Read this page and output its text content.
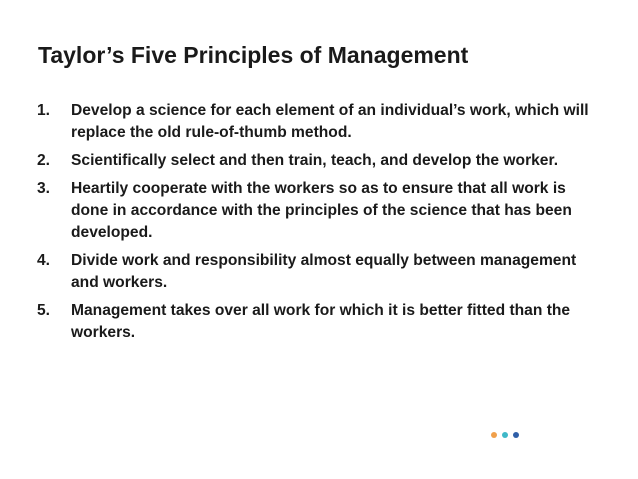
Taylor’s Five Principles of Management
1.	Develop a science for each element of an individual’s work, which will replace the old rule-of-thumb method.
2.	Scientifically select and then train, teach, and develop the worker.
3.	Heartily cooperate with the workers so as to ensure that all work is done in accordance with the principles of the science that has been developed.
4.	Divide work and responsibility almost equally between management and workers.
5.	Management takes over all work for which it is better fitted than the workers.
